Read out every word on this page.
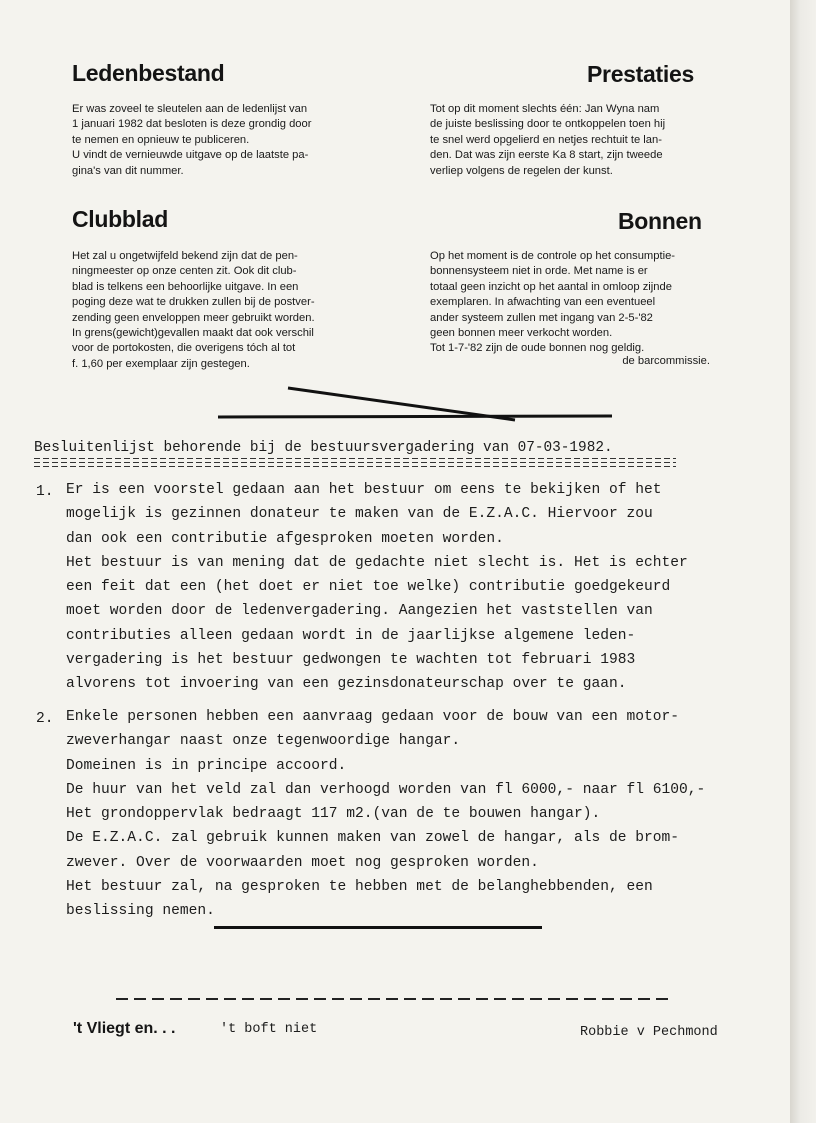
Ledenbestand
Er was zoveel te sleutelen aan de ledenlijst van
1 januari 1982 dat besloten is deze grondig door
te nemen en opnieuw te publiceren.
U vindt de vernieuwde uitgave op de laatste pa-
gina's van dit nummer.
Prestaties
Tot op dit moment slechts één: Jan Wyna nam
de juiste beslissing door te ontkoppelen toen hij
te snel werd opgelierd en netjes rechtuit te lan-
den. Dat was zijn eerste Ka 8 start, zijn tweede
verliep volgens de regelen der kunst.
Clubblad
Het zal u ongetwijfeld bekend zijn dat de pen-
ningmeester op onze centen zit. Ook dit club-
blad is telkens een behoorlijke uitgave. In een
poging deze wat te drukken zullen bij de postver-
zending geen enveloppen meer gebruikt worden.
In grens(gewicht)gevallen maakt dat ook verschil
voor de portokosten, die overigens tóch al tot
f. 1,60 per exemplaar zijn gestegen.
Bonnen
Op het moment is de controle op het consumptie-
bonnensysteem niet in orde. Met name is er
totaal geen inzicht op het aantal in omloop zijnde
exemplaren. In afwachting van een eventueel
ander systeem zullen met ingang van 2-5-'82
geen bonnen meer verkocht worden.
Tot 1-7-'82 zijn de oude bonnen nog geldig.
de barcommissie.
Besluitenlijst behorende bij de bestuursvergadering van 07-03-1982.
1. Er is een voorstel gedaan aan het bestuur om eens te bekijken of het
mogelijk is gezinnen donateur te maken van de E.Z.A.C. Hiervoor zou
dan ook een contributie afgesproken moeten worden.
Het bestuur is van mening dat de gedachte niet slecht is. Het is echter
een feit dat een (het doet er niet toe welke) contributie goedgekeurd
moet worden door de ledenvergadering. Aangezien het vaststellen van
contributies alleen gedaan wordt in de jaarlijkse algemene leden-
vergadering is het bestuur gedwongen te wachten tot februari 1983
alvorens tot invoering van een gezinsdonateurschap over te gaan.
2. Enkele personen hebben een aanvraag gedaan voor de bouw van een motor-
zweverhangar naast onze tegenwoordige hangar.
Domeinen is in principe accoord.
De huur van het veld zal dan verhoogd worden van fl 6000,- naar fl 6100,-
Het grondoppervlak bedraagt 117 m2.(van de te bouwen hangar).
De E.Z.A.C. zal gebruik kunnen maken van zowel de hangar, als de brom-
zwever. Over de voorwaarden moet nog gesproken worden.
Het bestuur zal, na gesproken te hebben met de belanghebbenden, een
beslissing nemen.
't Vliegt en. . .	't boft niet	Robbie v Pechmond
